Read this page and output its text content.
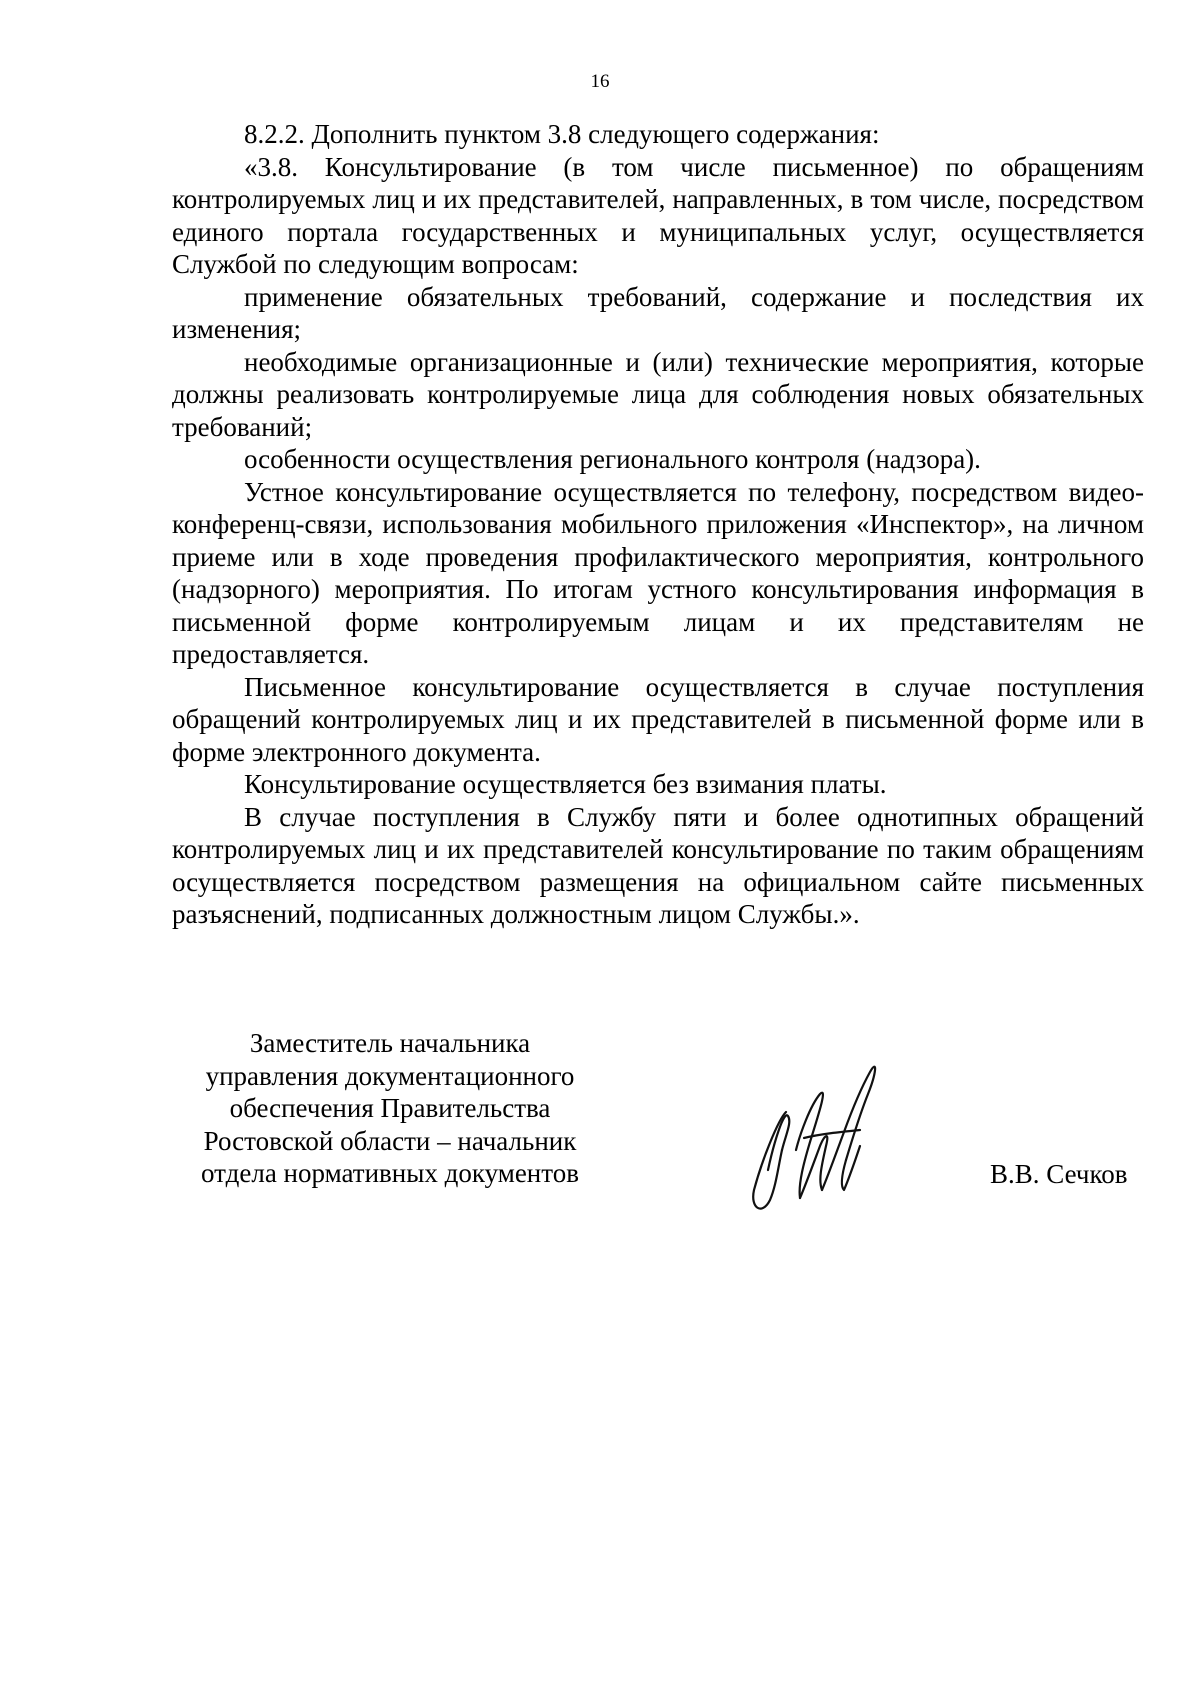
16

8.2.2. Дополнить пунктом 3.8 следующего содержания:

«3.8. Консультирование (в том числе письменное) по обращениям контролируемых лиц и их представителей, направленных, в том числе, посредством единого портала государственных и муниципальных услуг, осуществляется Службой по следующим вопросам:

применение обязательных требований, содержание и последствия их изменения;

необходимые организационные и (или) технические мероприятия, которые должны реализовать контролируемые лица для соблюдения новых обязательных требований;

особенности осуществления регионального контроля (надзора).

Устное консультирование осуществляется по телефону, посредством видео-конференц-связи, использования мобильного приложения «Инспектор», на личном приеме или в ходе проведения профилактического мероприятия, контрольного (надзорного) мероприятия. По итогам устного консультирования информация в письменной форме контролируемым лицам и их представителям не предоставляется.

Письменное консультирование осуществляется в случае поступления обращений контролируемых лиц и их представителей в письменной форме или в форме электронного документа.

Консультирование осуществляется без взимания платы.

В случае поступления в Службу пяти и более однотипных обращений контролируемых лиц и их представителей консультирование по таким обращениям осуществляется посредством размещения на официальном сайте письменных разъяснений, подписанных должностным лицом Службы.».

Заместитель начальника
управления документационного
обеспечения Правительства
Ростовской области – начальник
отдела нормативных документов	В.В. Сечков
